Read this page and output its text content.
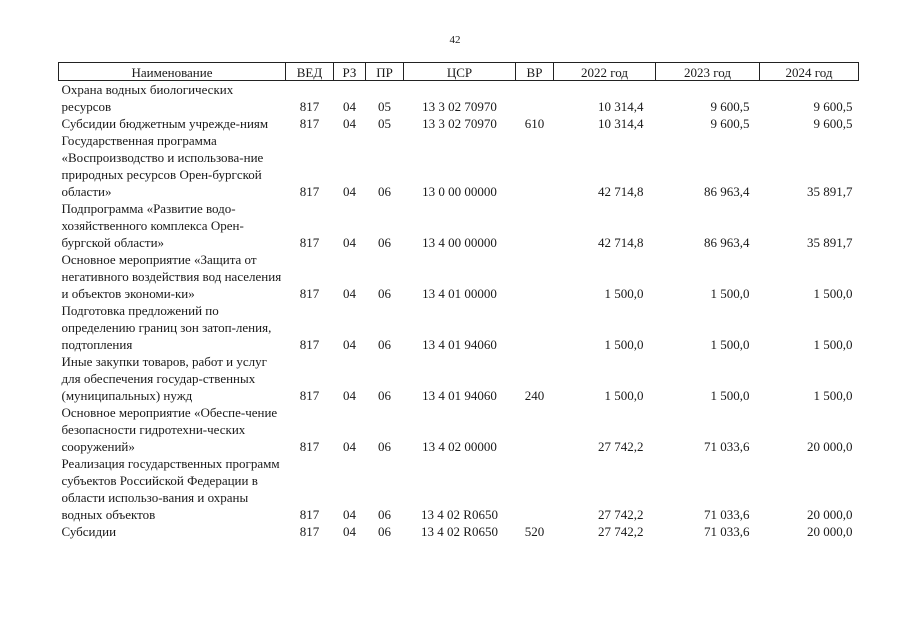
42
Наименование	ВЕД	РЗ	ПР	ЦСР	ВР	2022 год	2023 год	2024 год
Охрана водных биологических ресурсов	817	04	05	13 3 02 70970		10 314,4	9 600,5	9 600,5
Субсидии бюджетным учрежде-ниям	817	04	05	13 3 02 70970	610	10 314,4	9 600,5	9 600,5
Государственная программа «Воспроизводство и использова-ние природных ресурсов Орен-бургской области»	817	04	06	13 0 00 00000		42 714,8	86 963,4	35 891,7
Подпрограмма «Развитие водо-хозяйственного комплекса Орен-бургской области»	817	04	06	13 4 00 00000		42 714,8	86 963,4	35 891,7
Основное мероприятие «Защита от негативного воздействия вод населения и объектов экономи-ки»	817	04	06	13 4 01 00000		1 500,0	1 500,0	1 500,0
Подготовка предложений по определению границ зон затоп-ления, подтопления	817	04	06	13 4 01 94060		1 500,0	1 500,0	1 500,0
Иные закупки товаров, работ и услуг для обеспечения государ-ственных (муниципальных) нужд	817	04	06	13 4 01 94060	240	1 500,0	1 500,0	1 500,0
Основное мероприятие «Обеспе-чение безопасности гидротехни-ческих сооружений»	817	04	06	13 4 02 00000		27 742,2	71 033,6	20 000,0
Реализация государственных программ субъектов Российской Федерации в области использо-вания и охраны водных объектов	817	04	06	13 4 02 R0650		27 742,2	71 033,6	20 000,0
Субсидии	817	04	06	13 4 02 R0650	520	27 742,2	71 033,6	20 000,0
